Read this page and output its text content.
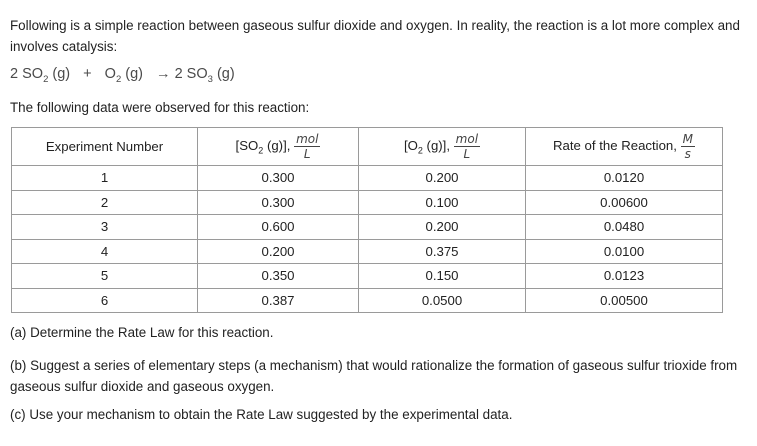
Following is a simple reaction between gaseous sulfur dioxide and oxygen. In reality, the reaction is a lot more complex and involves catalysis:
2 $SO_2$ $(g) + O_2$ (g) → 2 $SO_3$ (g)
The following data were observed for this reaction:
Experiment Number	[$SO_2$ (g)], $\frac{\text{mol}}{L}$	[$O_2$ (g)], $\frac{\text{mol}}{L}$	Rate of the Reaction, $\frac{M}{s}$

1	0.300	0.200	0.0120
2	0.300	0.100	0.00600
3	0.600	0.200	0.0480
4	0.200	0.375	0.0100
5	0.350	0.150	0.0123
6	0.387	0.0500	0.00500
(a) Determine the Rate Law for this reaction.
(b) Suggest a series of elementary steps (a mechanism) that would rationalize the formation of gaseous sulfur trioxide from gaseous sulfur dioxide and gaseous oxygen.
(c) Use your mechanism to obtain the Rate Law suggested by the experimental data.
